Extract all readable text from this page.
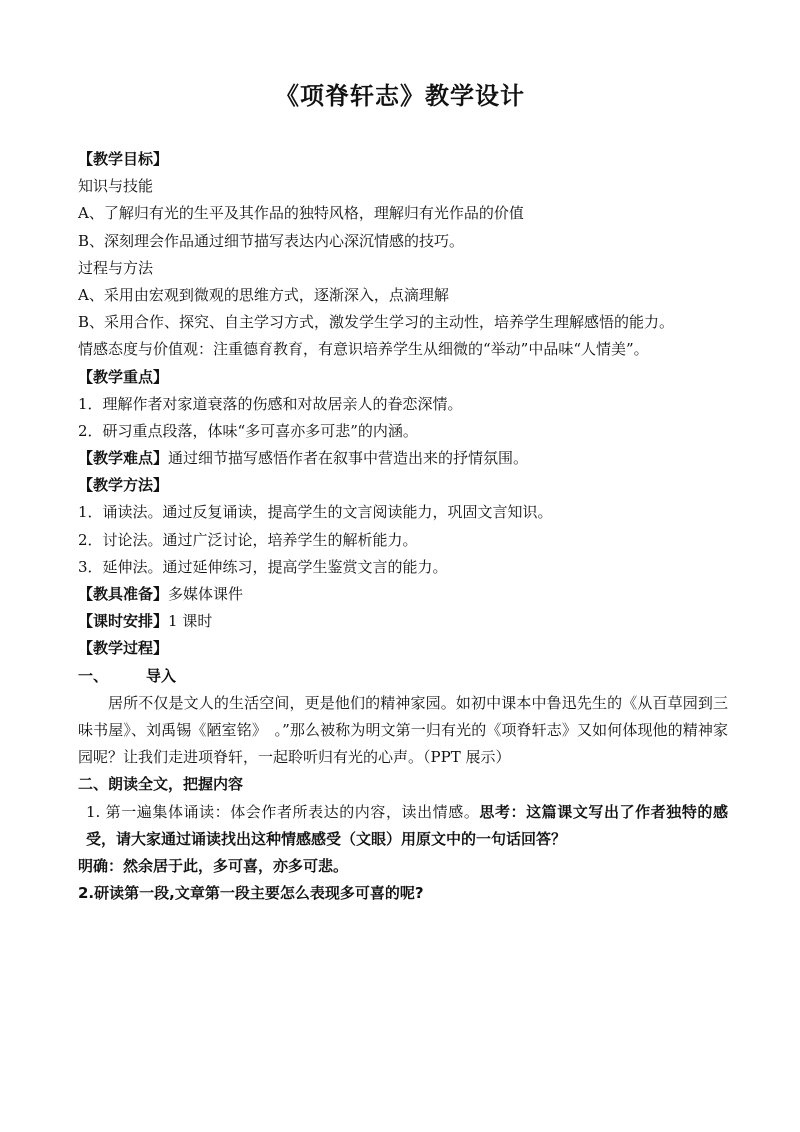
《项脊轩志》教学设计
【教学目标】
知识与技能
A、了解归有光的生平及其作品的独特风格，理解归有光作品的价值
B、深刻理会作品通过细节描写表达内心深沉情感的技巧。
过程与方法
A、采用由宏观到微观的思维方式，逐渐深入，点滴理解
B、采用合作、探究、自主学习方式，激发学生学习的主动性，培养学生理解感悟的能力。
情感态度与价值观：注重德育教育，有意识培养学生从细微的“举动”中品味“人情美”。
【教学重点】
1．理解作者对家道衰落的伤感和对故居亲人的眷恋深情。
2．研习重点段落，体味“多可喜亦多可悲”的内涵。
【教学难点】通过细节描写感悟作者在叙事中营造出来的抒情氛围。
【教学方法】
1．诵读法。通过反复诵读，提高学生的文言阅读能力，巩固文言知识。
2．讨论法。通过广泛讨论，培养学生的解析能力。
3．延伸法。通过延伸练习，提高学生鉴赏文言的能力。
【教具准备】多媒体课件
【课时安排】1 课时
【教学过程】
一、	导入
居所不仅是文人的生活空间，更是他们的精神家园。如初中课本中鲁迅先生的《从百草园到三味书屋》、刘禹锡《陋室铭》　。”那么被称为明文第一归有光的《项脊轩志》又如何体现他的精神家园呢？让我们走进项脊轩，一起聆听归有光的心声。（PPT 展示）
二、朗读全文，把握内容
1. 第一遍集体诵读：体会作者所表达的内容，读出情感。思考：这篇课文写出了作者独特的感受，请大家通过诵读找出这种情感感受（文眼）用原文中的一句话回答？
明确：然余居于此，多可喜，亦多可悲。
2.研读第一段,文章第一段主要怎么表现多可喜的呢?
